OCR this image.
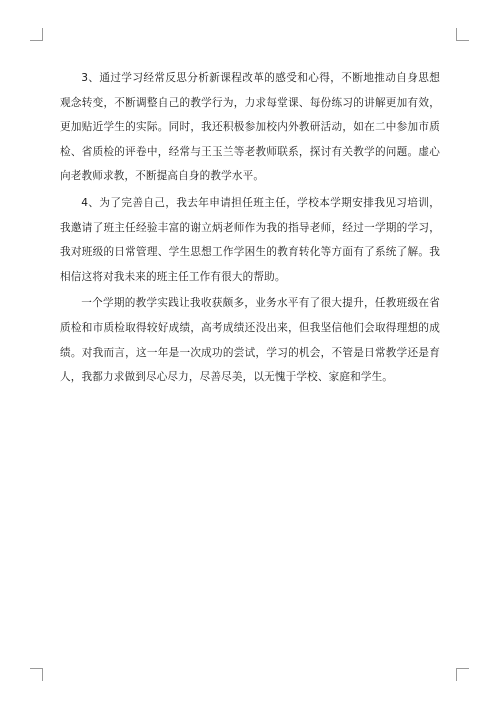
3、通过学习经常反思分析新课程改革的感受和心得，不断地推动自身思想观念转变，不断调整自己的教学行为，力求每堂课、每份练习的讲解更加有效，更加贴近学生的实际。同时，我还积极参加校内外教研活动，如在二中参加市质检、省质检的评卷中，经常与王玉兰等老教师联系，探讨有关教学的问题。虚心向老教师求教，不断提高自身的教学水平。

4、为了完善自己，我去年申请担任班主任，学校本学期安排我见习培训，我邀请了班主任经验丰富的谢立炳老师作为我的指导老师，经过一学期的学习，我对班级的日常管理、学生思想工作学困生的教育转化等方面有了系统了解。我相信这将对我未来的班主任工作有很大的帮助。

一个学期的教学实践让我收获颇多，业务水平有了很大提升，任教班级在省质检和市质检取得较好成绩，高考成绩还没出来，但我坚信他们会取得理想的成绩。对我而言，这一年是一次成功的尝试，学习的机会，不管是日常教学还是育人，我都力求做到尽心尽力，尽善尽美，以无愧于学校、家庭和学生。
